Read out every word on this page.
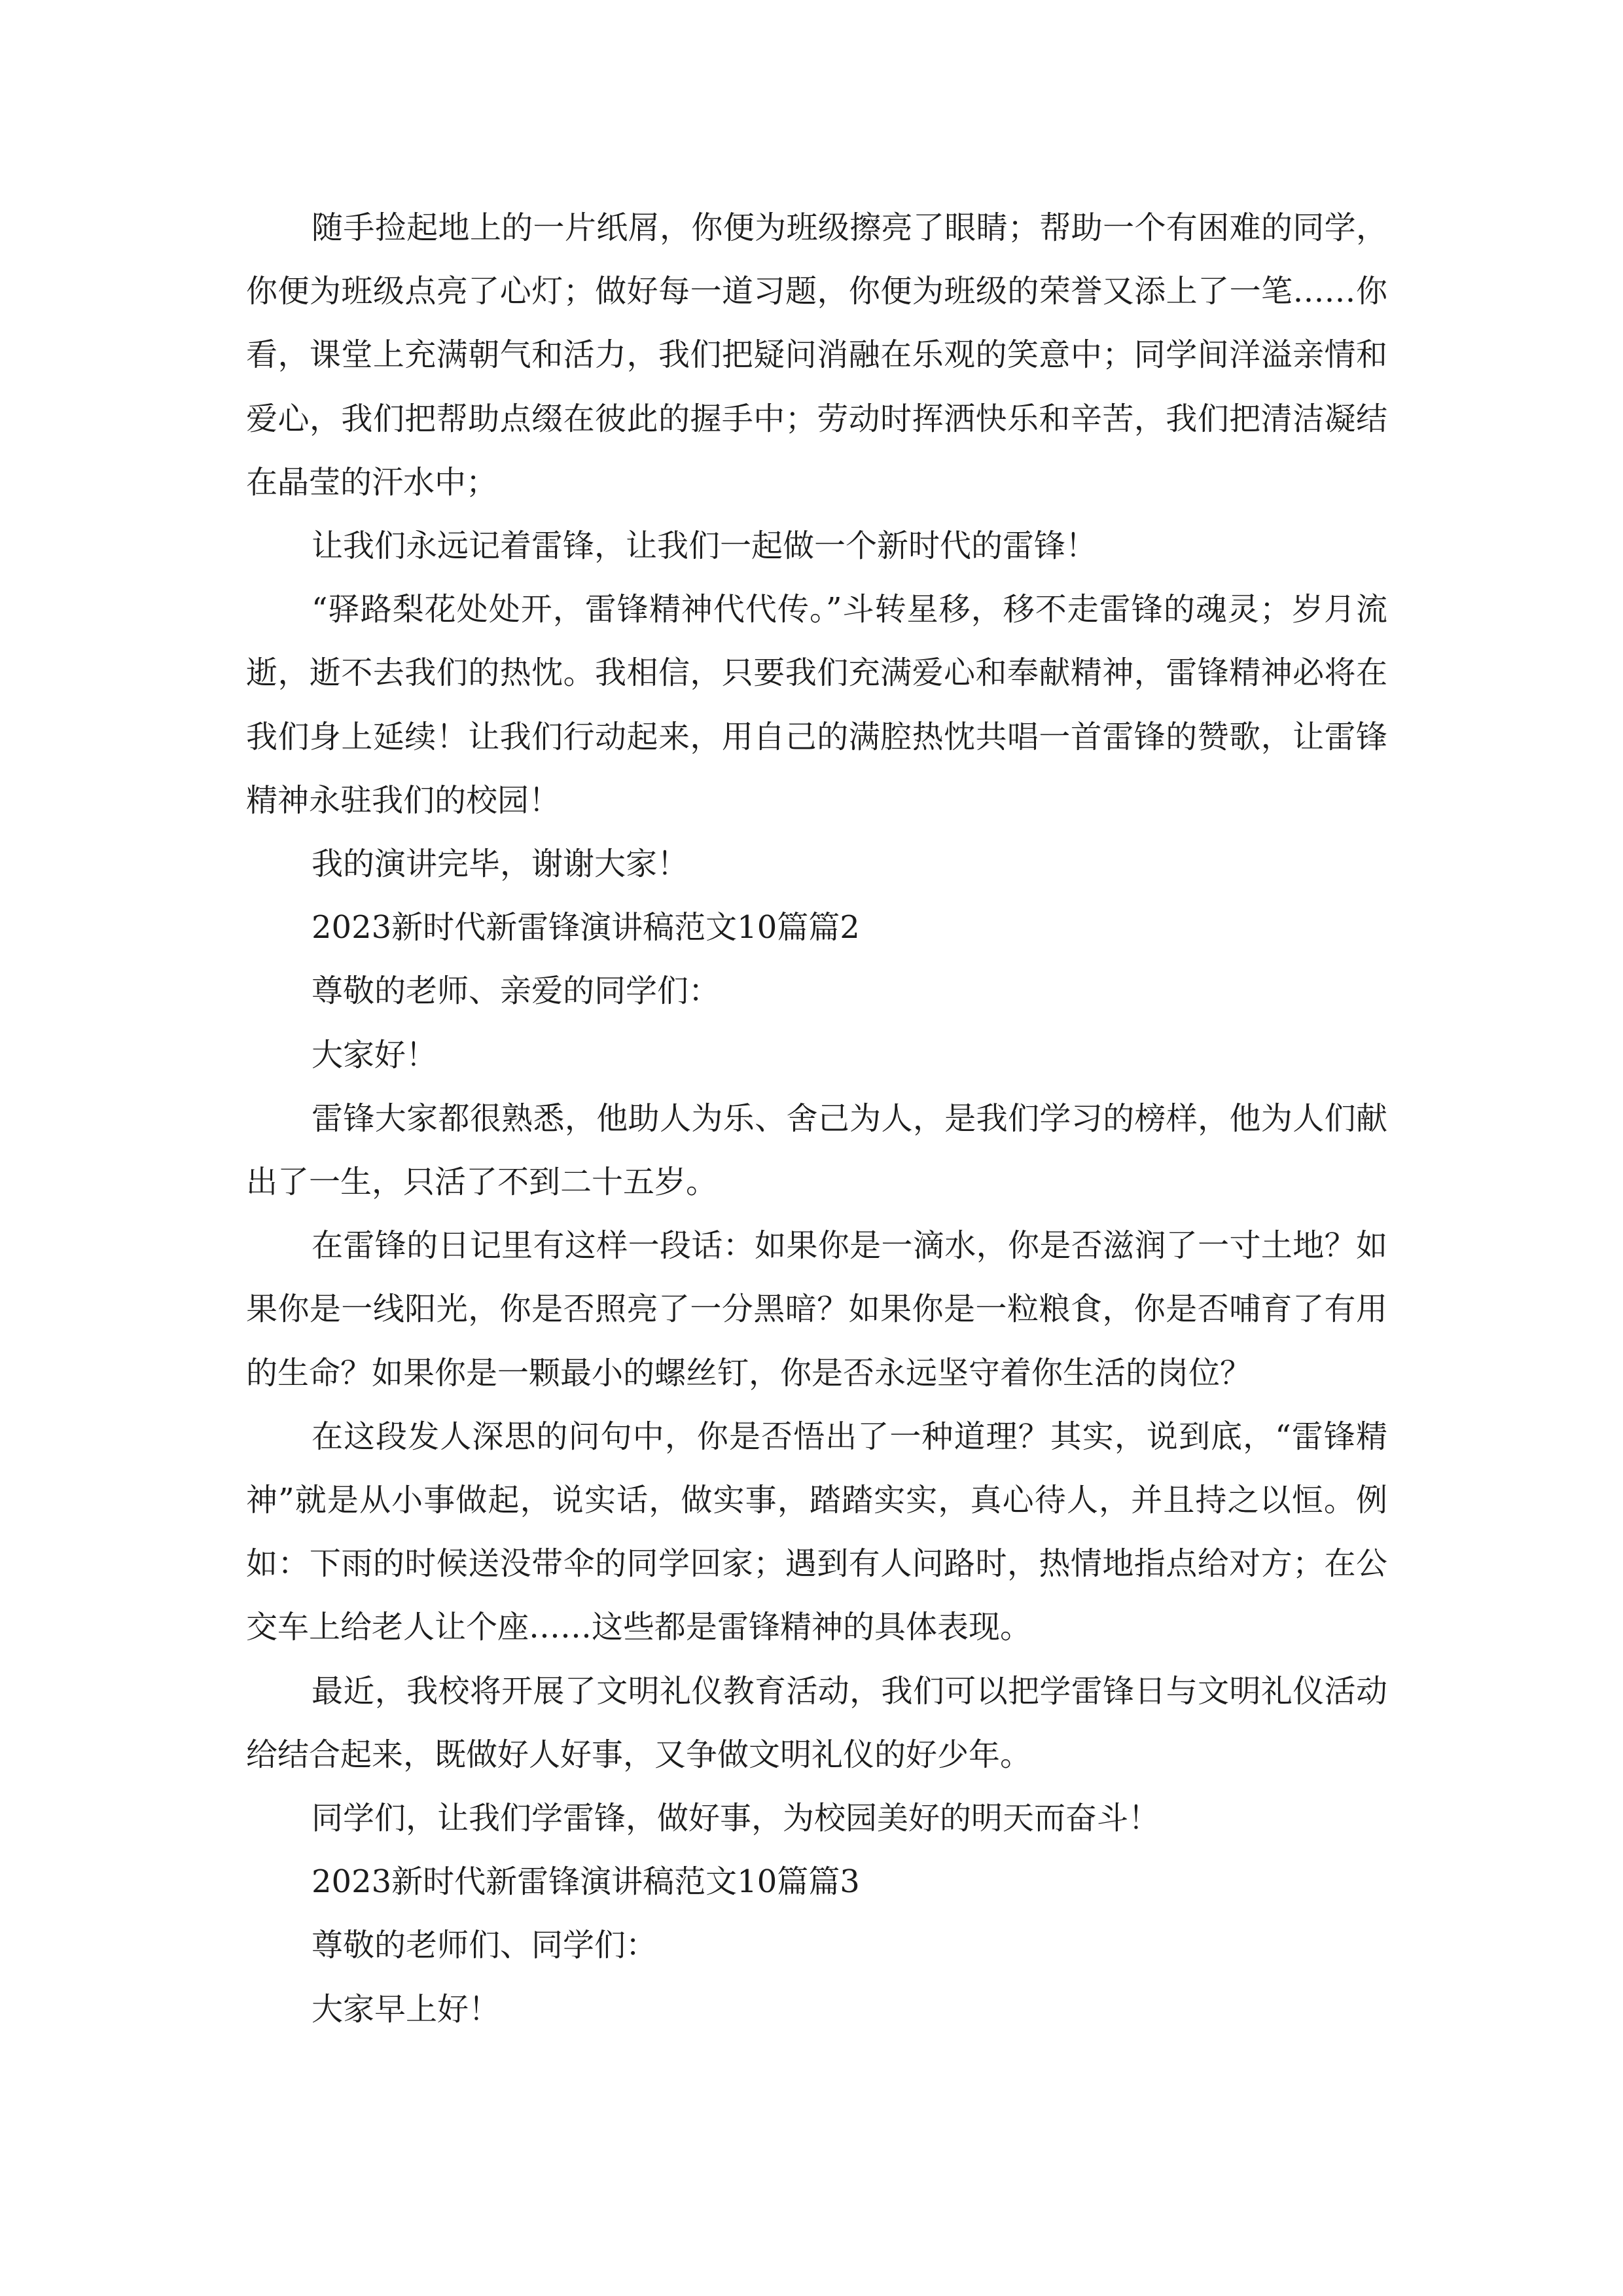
随手捡起地上的一片纸屑，你便为班级擦亮了眼睛；帮助一个有困难的同学，你便为班级点亮了心灯；做好每一道习题，你便为班级的荣誉又添上了一笔……你看，课堂上充满朝气和活力，我们把疑问消融在乐观的笑意中；同学间洋溢亲情和爱心，我们把帮助点缀在彼此的握手中；劳动时挥洒快乐和辛苦，我们把清洁凝结在晶莹的汗水中；

让我们永远记着雷锋，让我们一起做一个新时代的雷锋！

“驿路梨花处处开，雷锋精神代代传。”斗转星移，移不走雷锋的魂灵；岁月流逝，逝不去我们的热忱。我相信，只要我们充满爱心和奉献精神，雷锋精神必将在我们身上延续！让我们行动起来，用自己的满腔热忱共唱一首雷锋的赞歌，让雷锋精神永驻我们的校园！

我的演讲完毕，谢谢大家！

2023新时代新雷锋演讲稿范文10篇篇2

尊敬的老师、亲爱的同学们：

大家好！

雷锋大家都很熟悉，他助人为乐、舍己为人，是我们学习的榜样，他为人们献出了一生，只活了不到二十五岁。

在雷锋的日记里有这样一段话：如果你是一滴水，你是否滋润了一寸土地？如果你是一线阳光，你是否照亮了一分黑暗？如果你是一粒粮食，你是否哺育了有用的生命？如果你是一颗最小的螺丝钉，你是否永远坚守着你生活的岗位？

在这段发人深思的问句中，你是否悟出了一种道理？其实，说到底，“雷锋精神”就是从小事做起，说实话，做实事，踏踏实实，真心待人，并且持之以恒。例如：下雨的时候送没带伞的同学回家；遇到有人问路时，热情地指点给对方；在公交车上给老人让个座……这些都是雷锋精神的具体表现。

最近，我校将开展了文明礼仪教育活动，我们可以把学雷锋日与文明礼仪活动给结合起来，既做好人好事，又争做文明礼仪的好少年。

同学们，让我们学雷锋，做好事，为校园美好的明天而奋斗！

2023新时代新雷锋演讲稿范文10篇篇3

尊敬的老师们、同学们：

大家早上好！
